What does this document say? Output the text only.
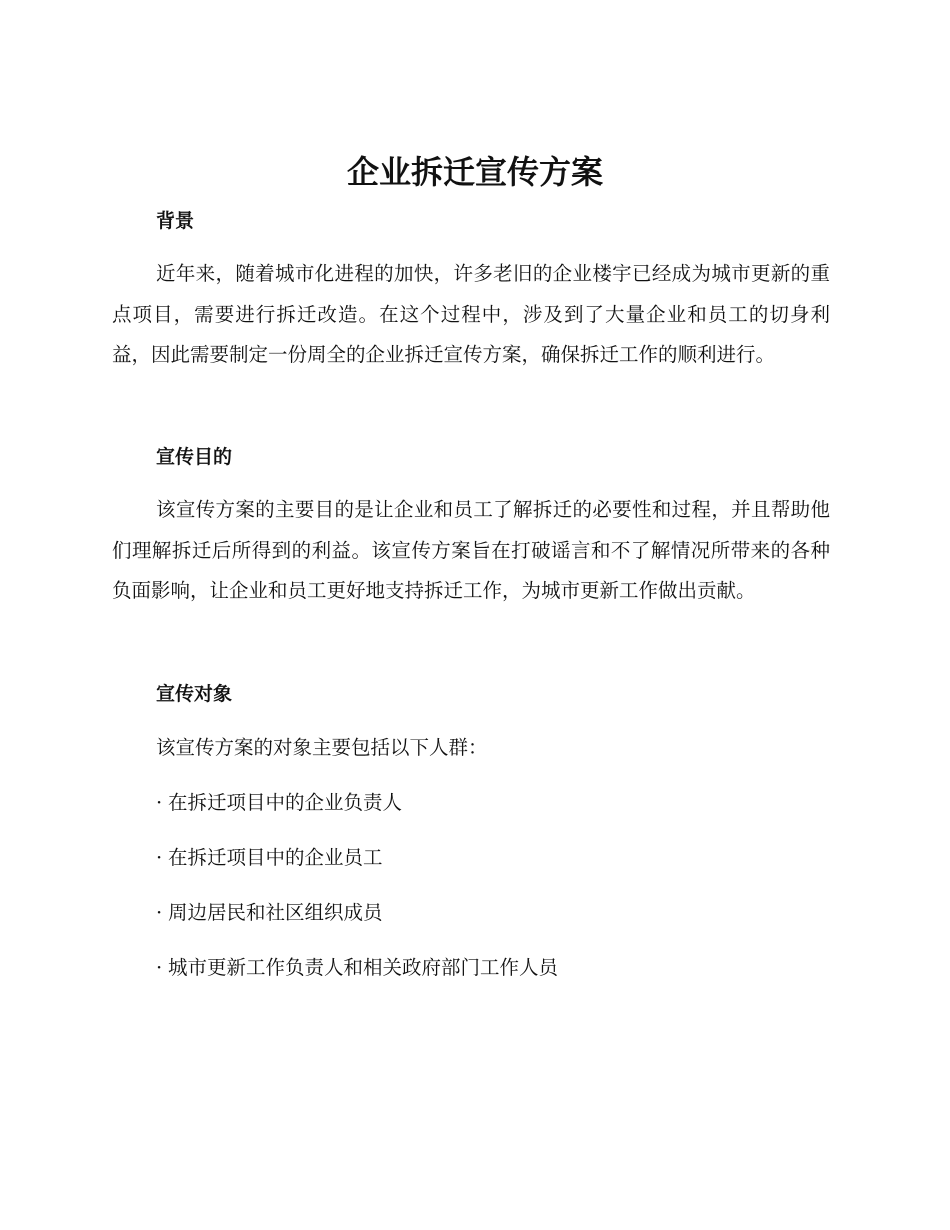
企业拆迁宣传方案
背景

近年来，随着城市化进程的加快，许多老旧的企业楼宇已经成为城市更新的重点项目，需要进行拆迁改造。在这个过程中，涉及到了大量企业和员工的切身利益，因此需要制定一份周全的企业拆迁宣传方案，确保拆迁工作的顺利进行。

宣传目的

该宣传方案的主要目的是让企业和员工了解拆迁的必要性和过程，并且帮助他们理解拆迁后所得到的利益。该宣传方案旨在打破谣言和不了解情况所带来的各种负面影响，让企业和员工更好地支持拆迁工作，为城市更新工作做出贡献。

宣传对象

该宣传方案的对象主要包括以下人群：

· 在拆迁项目中的企业负责人

· 在拆迁项目中的企业员工

· 周边居民和社区组织成员

· 城市更新工作负责人和相关政府部门工作人员
